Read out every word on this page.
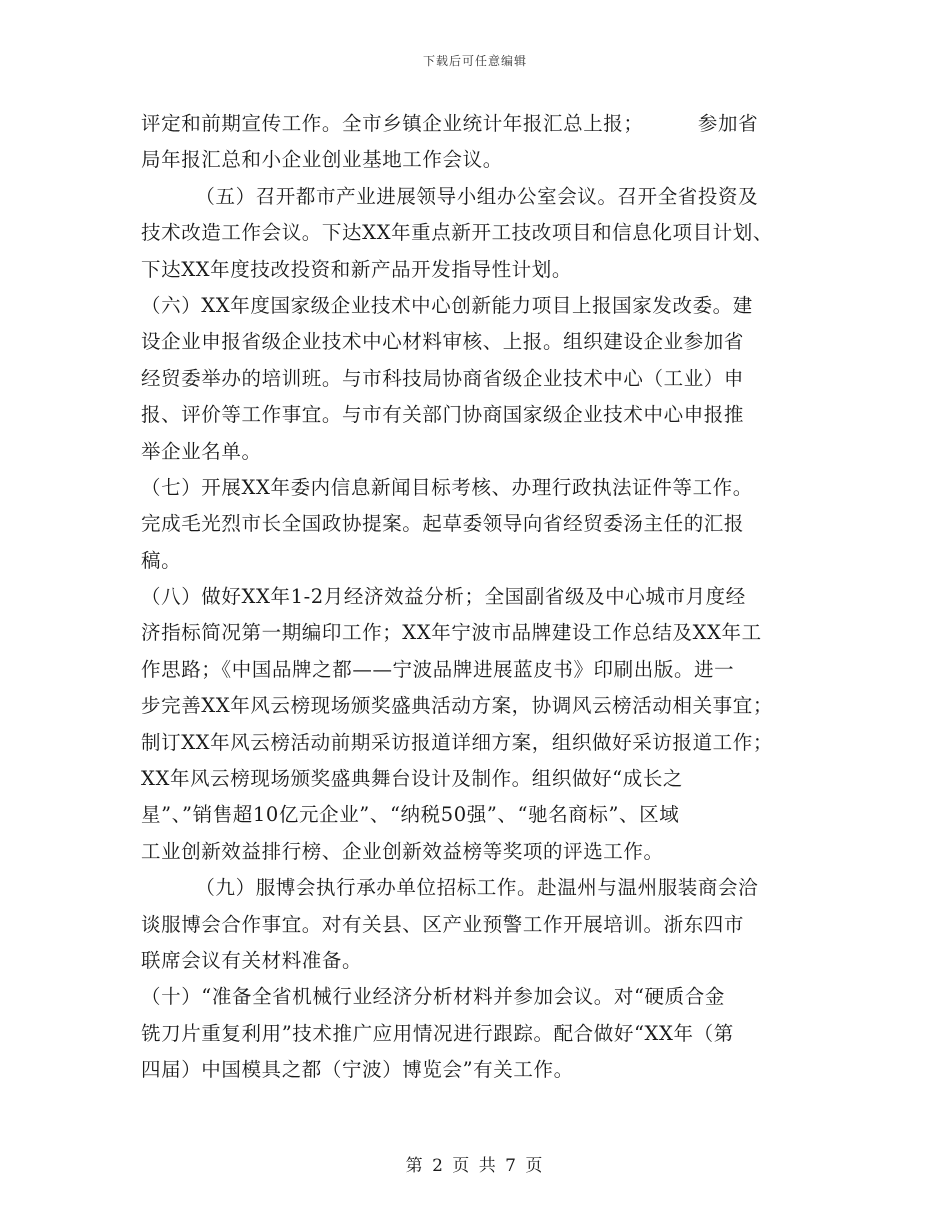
下载后可任意编辑
评定和前期宣传工作。全市乡镇企业统计年报汇总上报；        参加省
局年报汇总和小企业创业基地工作会议。
（五）召开都市产业进展领导小组办公室会议。召开全省投资及
技术改造工作会议。下达XX年重点新开工技改项目和信息化项目计划、
下达XX年度技改投资和新产品开发指导性计划。
（六）XX年度国家级企业技术中心创新能力项目上报国家发改委。建
设企业申报省级企业技术中心材料审核、上报。组织建设企业参加省
经贸委举办的培训班。与市科技局协商省级企业技术中心（工业）申
报、评价等工作事宜。与市有关部门协商国家级企业技术中心申报推
举企业名单。
（七）开展XX年委内信息新闻目标考核、办理行政执法证件等工作。
完成毛光烈市长全国政协提案。起草委领导向省经贸委汤主任的汇报
稿。
（八）做好XX年1-2月经济效益分析；全国副省级及中心城市月度经
济指标简况第一期编印工作；XX年宁波市品牌建设工作总结及XX年工
作思路；《中国品牌之都——宁波品牌进展蓝皮书》印刷出版。进一
步完善XX年风云榜现场颁奖盛典活动方案，协调风云榜活动相关事宜；
制订XX年风云榜活动前期采访报道详细方案，组织做好采访报道工作；
XX年风云榜现场颁奖盛典舞台设计及制作。组织做好“成长之
星”、”销售超10亿元企业”、“纳税50强”、“驰名商标”、区域
工业创新效益排行榜、企业创新效益榜等奖项的评选工作。
（九）服博会执行承办单位招标工作。赴温州与温州服装商会洽
谈服博会合作事宜。对有关县、区产业预警工作开展培训。浙东四市
联席会议有关材料准备。
（十）“准备全省机械行业经济分析材料并参加会议。对“硬质合金
铣刀片重复利用”技术推广应用情况进行跟踪。配合做好“XX年（第
四届）中国模具之都（宁波）博览会”有关工作。
第 2 页 共 7 页
